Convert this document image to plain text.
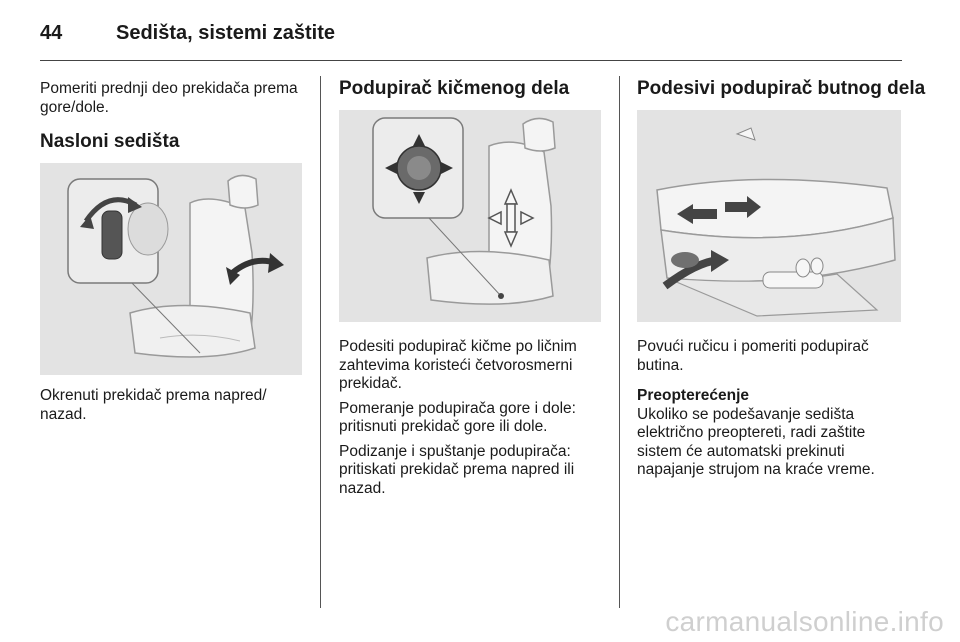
44	Sedišta, sistemi zaštite

Pomeriti prednji deo prekidača prema gore/dole.

Nasloni sedišta

Okrenuti prekidač prema napred/ nazad.

Podupirač kičmenog dela

Podesiti podupirač kičme po ličnim zahtevima koristeći četvorosmerni prekidač.

Pomeranje podupirača gore i dole: pritisnuti prekidač gore ili dole.

Podizanje i spuštanje podupirača: pritiskati prekidač prema napred ili nazad.

Podesivi podupirač butnog dela

Povući ručicu i pomeriti podupirač butina.

Preopterećenje

Ukoliko se podešavanje sedišta električno preoptereti, radi zaštite sistem će automatski prekinuti napajanje strujom na kraće vreme.

carmanualsonline.info
